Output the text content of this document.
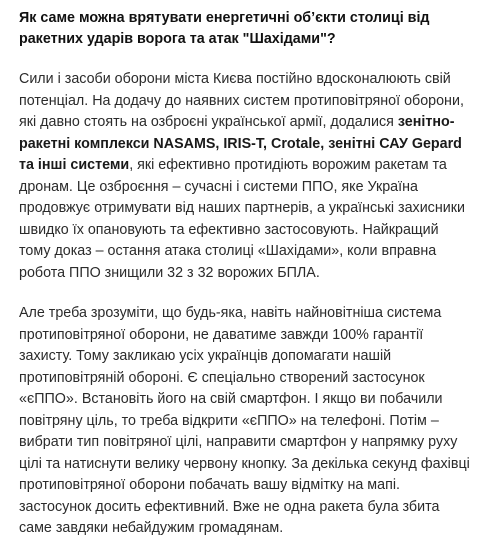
Як саме можна врятувати енергетичні об’єкти столиці від ракетних ударів ворога та атак "Шахідами"?

Сили і засоби оборони міста Києва постійно вдосконалюють свій потенціал. На додачу до наявних систем протиповітряної оборони, які давно стоять на озброєні української армії, додалися зенітно-ракетні комплекси NASAMS, IRIS-T, Crotale, зенітні САУ Gepard та інші системи, які ефективно протидіють ворожим ракетам та дронам. Це озброєння – сучасні і системи ППО, яке Україна продовжує отримувати від наших партнерів, а українські захисники швидко їх опановують та ефективно застосовують. Найкращий тому доказ – остання атака столиці «Шахідами», коли вправна робота ППО знищили 32 з 32 ворожих БПЛА.

Але треба зрозуміти, що будь-яка, навіть найновітніша система протиповітряної оборони, не даватиме завжди 100% гарантії захисту. Тому закликаю усіх українців допомагати нашій протиповітряній обороні. Є спеціально створений застосунок «єППО». Встановіть його на свій смартфон. І якщо ви побачили повітряну ціль, то треба відкрити «єППО» на телефоні. Потім – вибрати тип повітряної цілі, направити смартфон у напрямку руху цілі та натиснути велику червону кнопку. За декілька секунд фахівці протиповітряної оборони побачать вашу відмітку на мапі. застосунок досить ефективний. Вже не одна ракета була збита саме завдяки небайдужим громадянам.
